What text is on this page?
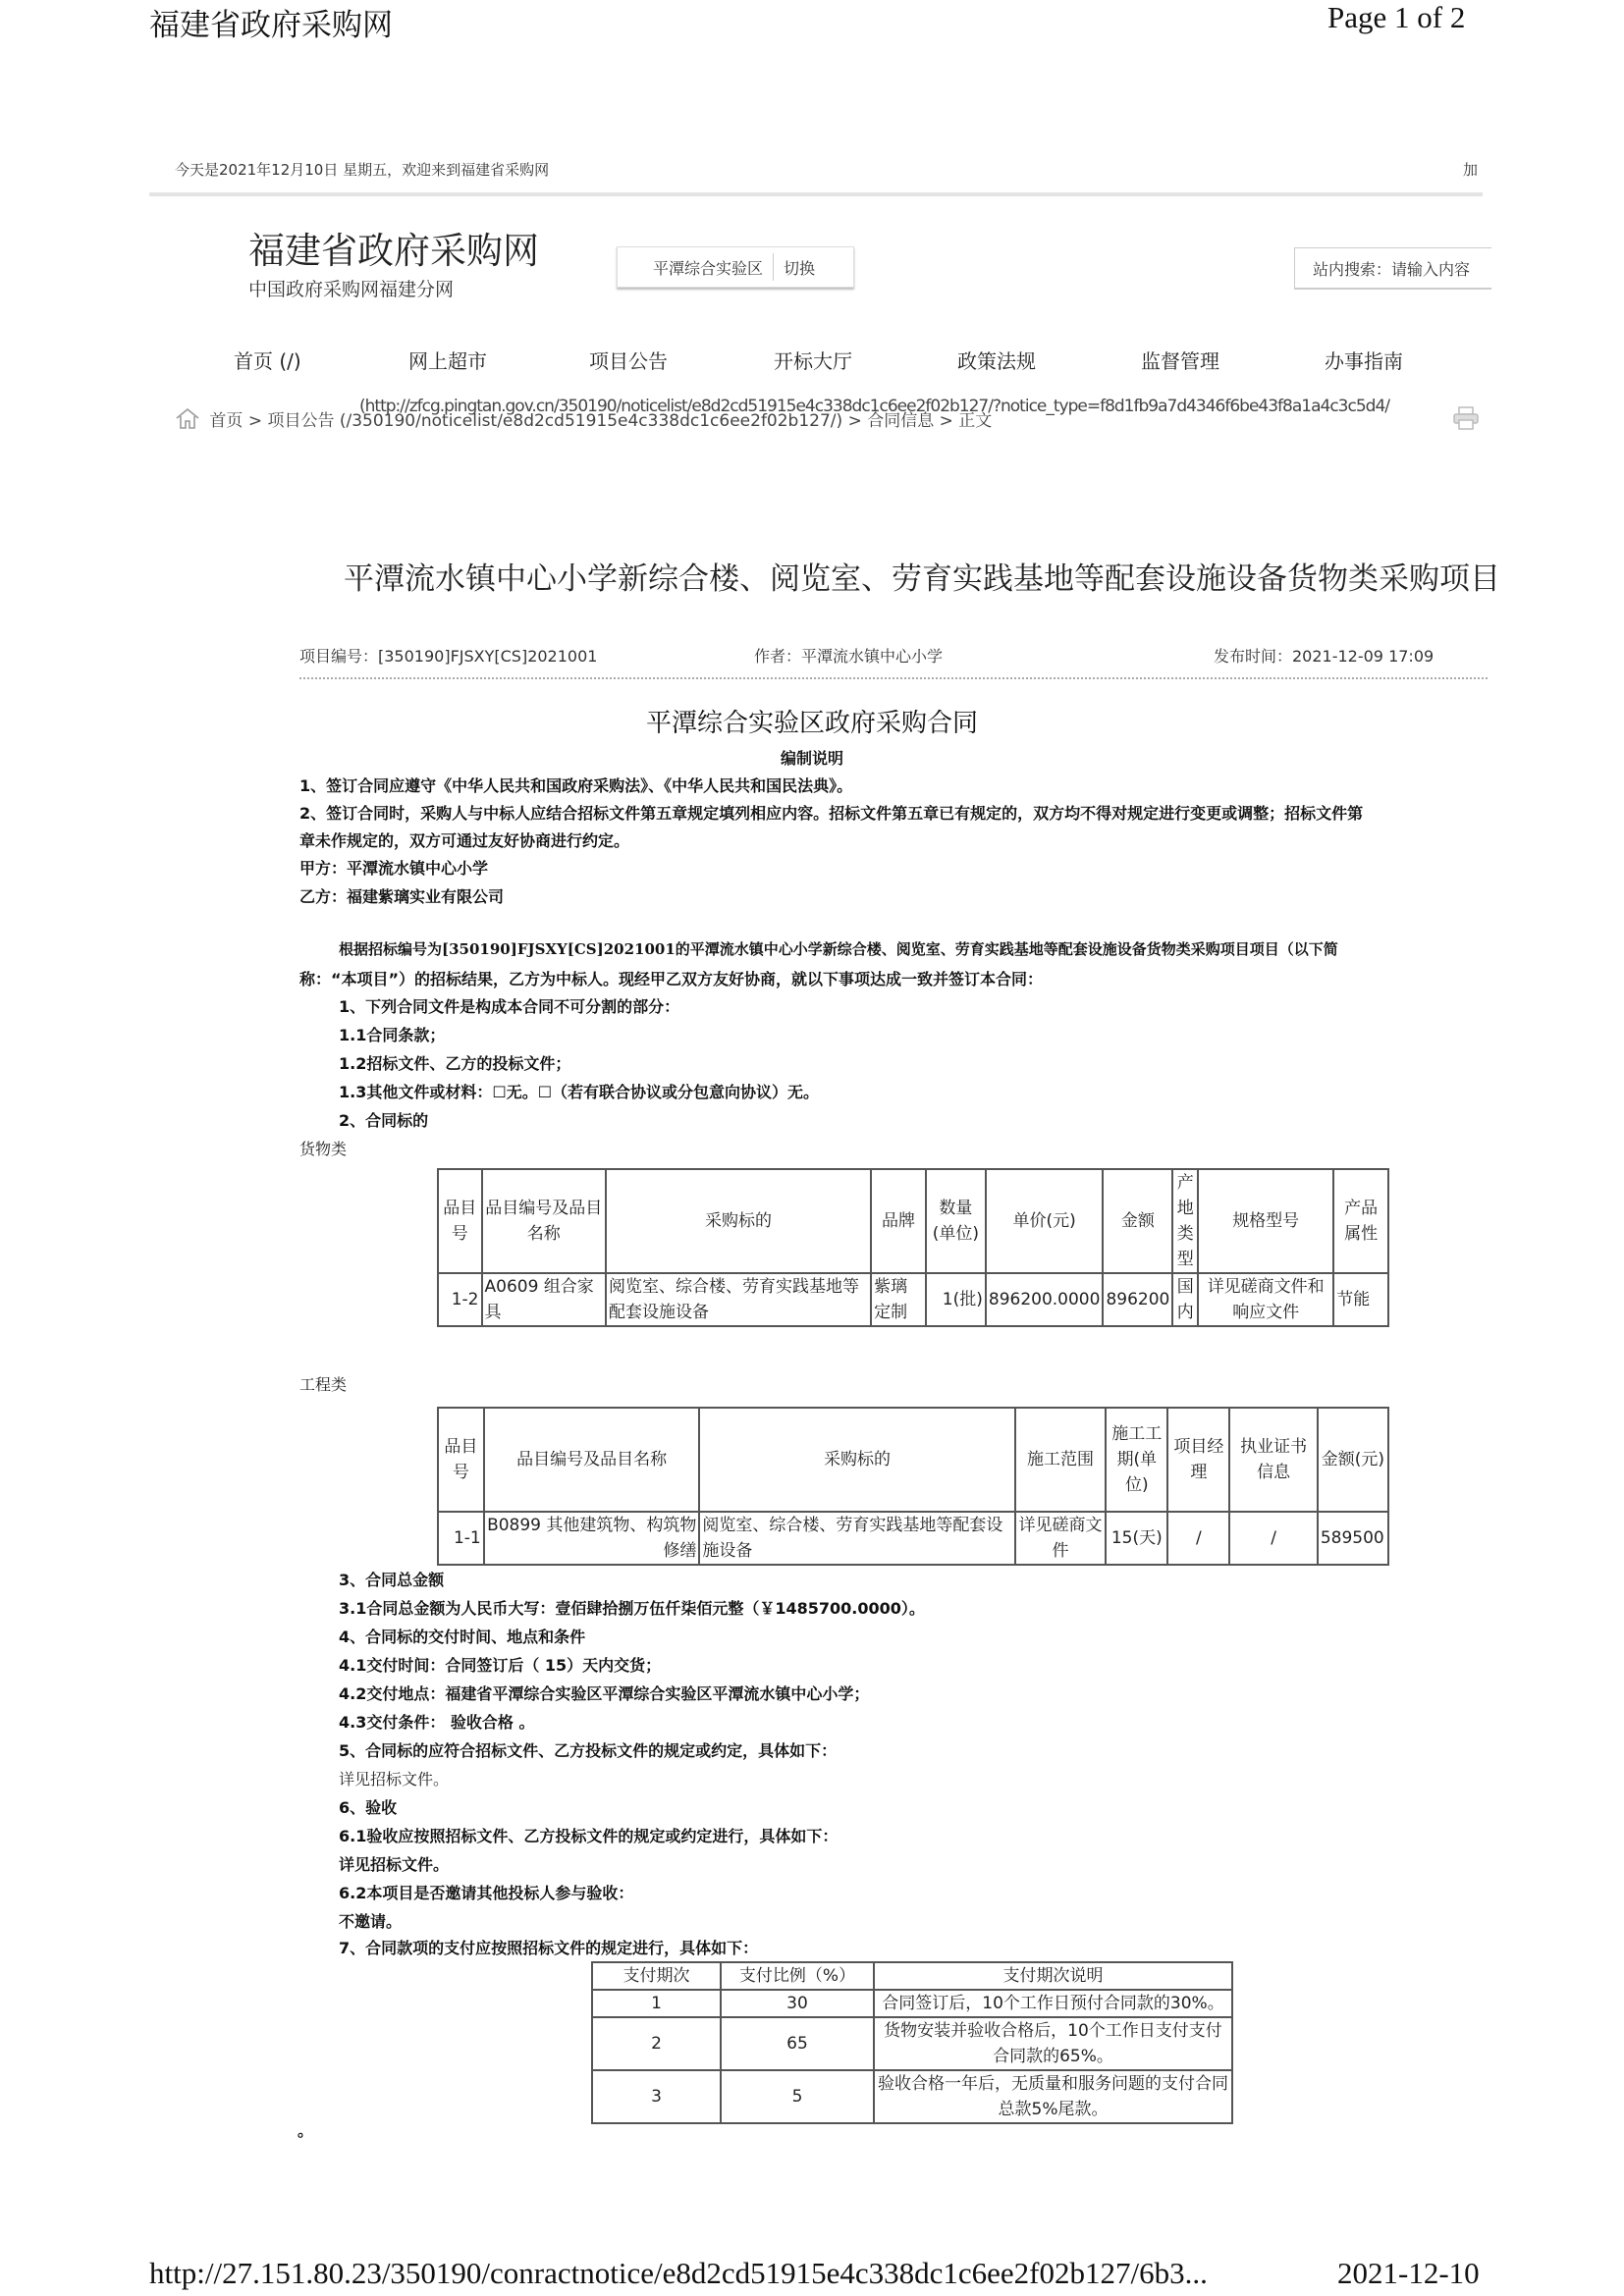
福建省政府采购网	Page 1 of 2
今天是2021年12月10日 星期五，欢迎来到福建省采购网	加
福建省政府采购网
中国政府采购网福建分网
平潭综合实验区 切换	站内搜索：请输入内容
首页 (/)	网上超市	项目公告	开标大厅	政策法规	监督管理	办事指南
首页 > 项目公告 (/350190/noticelist/e8d2cd51915e4c338dc1c6ee2f02b127/) > 合同信息 > 正文
(http://zfcg.pingtan.gov.cn/350190/noticelist/e8d2cd51915e4c338dc1c6ee2f02b127/?notice_type=f8d1fb9a7d4346f6be43f8a1a4c3c5d4/
平潭流水镇中心小学新综合楼、阅览室、劳育实践基地等配套设施设备货物类采购项目
项目编号：[350190]FJSXY[CS]2021001	作者：平潭流水镇中心小学	发布时间：2021-12-09 17:09
平潭综合实验区政府采购合同
编制说明
1、签订合同应遵守《中华人民共和国政府采购法》、《中华人民共和国民法典》。
2、签订合同时，采购人与中标人应结合招标文件第五章规定填列相应内容。招标文件第五章已有规定的，双方均不得对规定进行变更或调整；招标文件第
章未作规定的，双方可通过友好协商进行约定。
甲方：平潭流水镇中心小学
乙方：福建紫璃实业有限公司
根据招标编号为[350190]FJSXY[CS]2021001的平潭流水镇中心小学新综合楼、阅览室、劳育实践基地等配套设施设备货物类采购项目项目（以下简
称：“本项目”）的招标结果，乙方为中标人。现经甲乙双方友好协商，就以下事项达成一致并签订本合同：
1、下列合同文件是构成本合同不可分割的部分：
1.1合同条款；
1.2招标文件、乙方的投标文件；
1.3其他文件或材料：☐无。☐（若有联合协议或分包意向协议）无。
2、合同标的
货物类
品目号	品目编号及品目名称	采购标的	品牌	数量(单位)	单价(元)	金额	产地类型	规格型号	产品属性
1-2	A0609 组合家具	阅览室、综合楼、劳育实践基地等配套设施设备	紫璃定制	1(批)	896200.0000	896200	国内	详见磋商文件和响应文件	节能
工程类
品目号	品目编号及品目名称	采购标的	施工范围	施工工期(单位)	项目经理	执业证书信息	金额(元)
1-1	B0899 其他建筑物、构筑物修缮	阅览室、综合楼、劳育实践基地等配套设施设备	详见磋商文件	15(天)	/	/	589500
3、合同总金额
3.1合同总金额为人民币大写：壹佰肆拾捌万伍仟柒佰元整（￥1485700.0000）。
4、合同标的交付时间、地点和条件
4.1交付时间：合同签订后（ 15）天内交货；
4.2交付地点：福建省平潭综合实验区平潭综合实验区平潭流水镇中心小学；
4.3交付条件： 验收合格 。
5、合同标的应符合招标文件、乙方投标文件的规定或约定，具体如下：
详见招标文件。
6、验收
6.1验收应按照招标文件、乙方投标文件的规定或约定进行，具体如下：
详见招标文件。
6.2本项目是否邀请其他投标人参与验收：
不邀请。
7、合同款项的支付应按照招标文件的规定进行，具体如下：
支付期次	支付比例（%）	支付期次说明
1	30	合同签订后，10个工作日预付合同款的30%。
2	65	货物安装并验收合格后，10个工作日支付支付合同款的65%。
3	5	验收合格一年后，无质量和服务问题的支付合同总款5%尾款。
。
http://27.151.80.23/350190/conractnotice/e8d2cd51915e4c338dc1c6ee2f02b127/6b3...	2021-12-10
